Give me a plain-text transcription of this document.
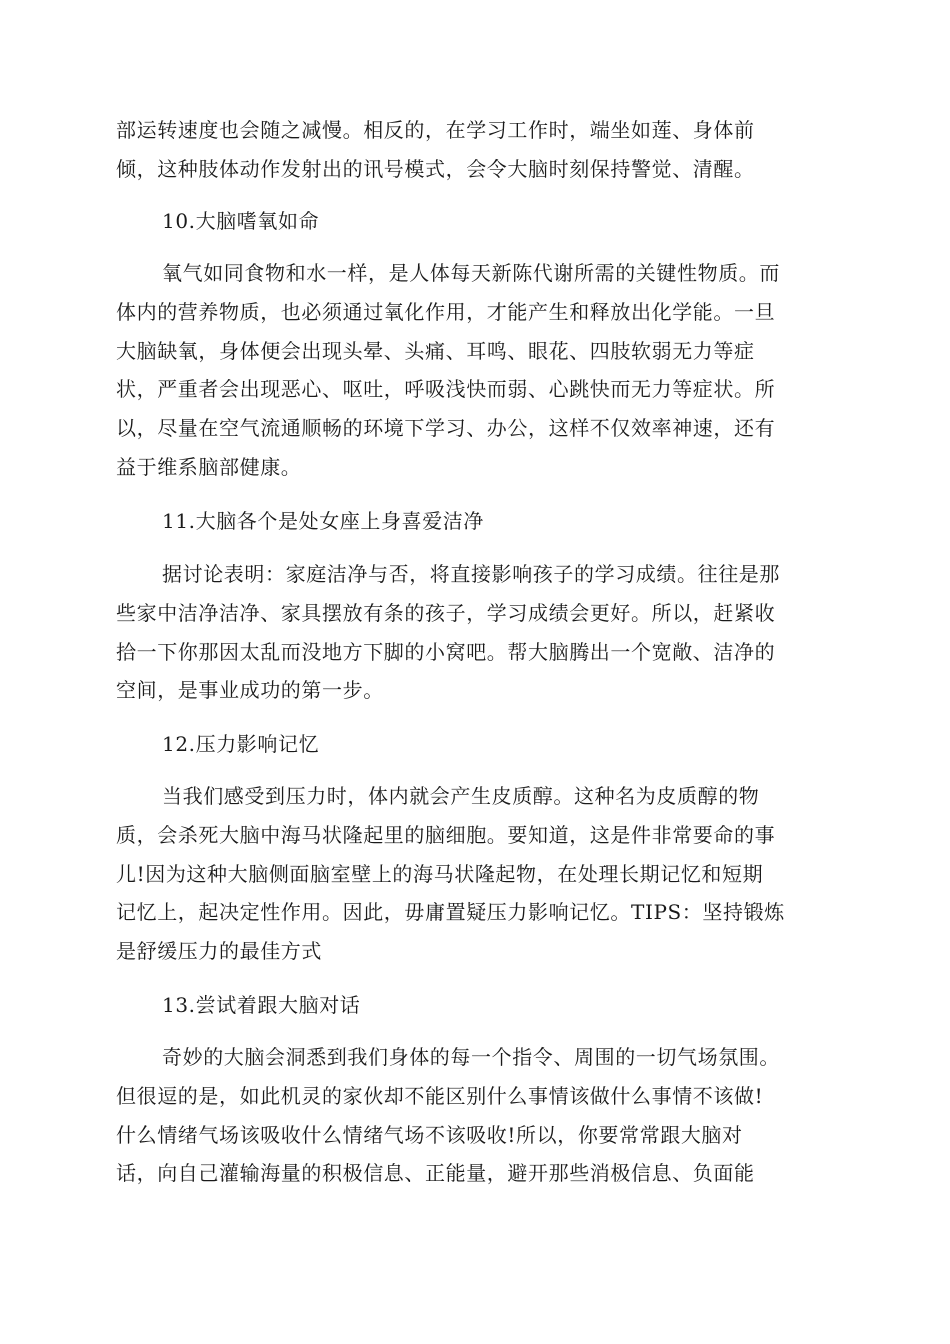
部运转速度也会随之减慢。相反的，在学习工作时，端坐如莲、身体前
倾，这种肢体动作发射出的讯号模式，会令大脑时刻保持警觉、清醒。
10.大脑嗜氧如命
氧气如同食物和水一样，是人体每天新陈代谢所需的关键性物质。而
体内的营养物质，也必须通过氧化作用，才能产生和释放出化学能。一旦
大脑缺氧，身体便会出现头晕、头痛、耳鸣、眼花、四肢软弱无力等症
状，严重者会出现恶心、呕吐，呼吸浅快而弱、心跳快而无力等症状。所
以，尽量在空气流通顺畅的环境下学习、办公，这样不仅效率神速，还有
益于维系脑部健康。
11.大脑各个是处女座上身喜爱洁净
据讨论表明：家庭洁净与否，将直接影响孩子的学习成绩。往往是那
些家中洁净洁净、家具摆放有条的孩子，学习成绩会更好。所以，赶紧收
拾一下你那因太乱而没地方下脚的小窝吧。帮大脑腾出一个宽敞、洁净的
空间，是事业成功的第一步。
12.压力影响记忆
当我们感受到压力时，体内就会产生皮质醇。这种名为皮质醇的物
质，会杀死大脑中海马状隆起里的脑细胞。要知道，这是件非常要命的事
儿!因为这种大脑侧面脑室壁上的海马状隆起物，在处理长期记忆和短期
记忆上，起决定性作用。因此，毋庸置疑压力影响记忆。TIPS：坚持锻炼
是舒缓压力的最佳方式
13.尝试着跟大脑对话
奇妙的大脑会洞悉到我们身体的每一个指令、周围的一切气场氛围。
但很逗的是，如此机灵的家伙却不能区别什么事情该做什么事情不该做!
什么情绪气场该吸收什么情绪气场不该吸收!所以，你要常常跟大脑对
话，向自己灌输海量的积极信息、正能量，避开那些消极信息、负面能
